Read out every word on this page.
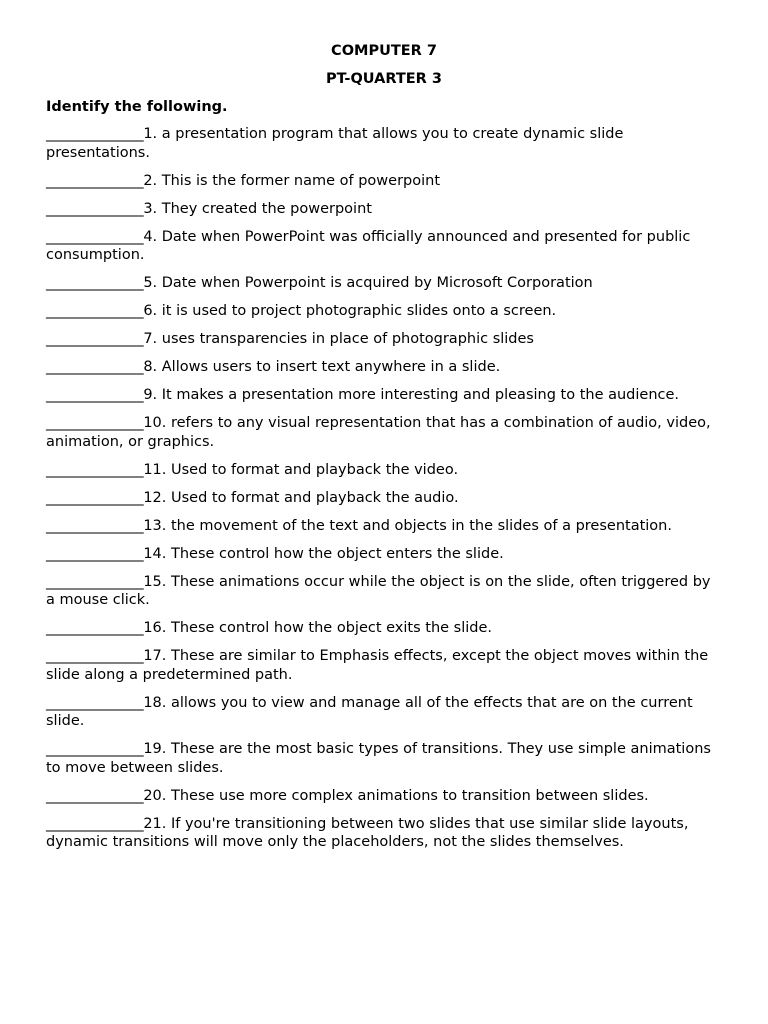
COMPUTER 7
PT-QUARTER 3
Identify the following.
______________1. a presentation program that allows you to create dynamic slide presentations.
______________2. This is the former name of powerpoint
______________3. They created the powerpoint
______________4. Date when PowerPoint was officially announced and presented for public consumption.
______________5. Date when Powerpoint is acquired by Microsoft Corporation
______________6. it is used to project photographic slides onto a screen.
______________7. uses transparencies in place of photographic slides
______________8. Allows users to insert text anywhere in a slide.
______________9. It makes a presentation more interesting and pleasing to the audience.
______________10. refers to any visual representation that has a combination of audio, video, animation, or graphics.
______________11. Used to format and playback the video.
______________12. Used to format and playback the audio.
______________13. the movement of the text and objects in the slides of a presentation.
______________14. These control how the object enters the slide.
______________15. These animations occur while the object is on the slide, often triggered by a mouse click.
______________16. These control how the object exits the slide.
______________17. These are similar to Emphasis effects, except the object moves within the slide along a predetermined path.
______________18. allows you to view and manage all of the effects that are on the current slide.
______________19. These are the most basic types of transitions. They use simple animations to move between slides.
______________20. These use more complex animations to transition between slides.
______________21. If you're transitioning between two slides that use similar slide layouts, dynamic transitions will move only the placeholders, not the slides themselves.
